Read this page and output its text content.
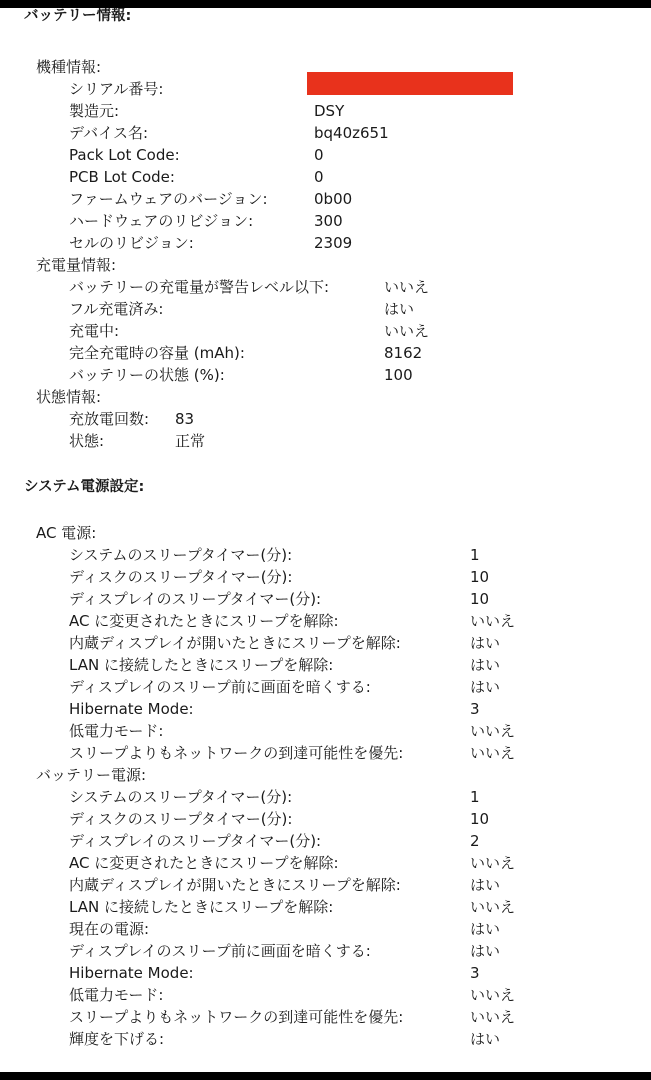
バッテリー情報:
機種情報:
シリアル番号:
製造元:	DSY
デバイス名:	bq40z651
Pack Lot Code:	0
PCB Lot Code:	0
ファームウェアのバージョン:	0b00
ハードウェアのリビジョン:	300
セルのリビジョン:	2309
充電量情報:
バッテリーの充電量が警告レベル以下:	いいえ
フル充電済み:	はい
充電中:	いいえ
完全充電時の容量 (mAh):	8162
バッテリーの状態 (%):	100
状態情報:
充放電回数: 83
状態:	正常
システム電源設定:
AC 電源:
システムのスリープタイマー(分):	1
ディスクのスリープタイマー(分):	10
ディスプレイのスリープタイマー(分):	10
AC に変更されたときにスリープを解除:	いいえ
内蔵ディスプレイが開いたときにスリープを解除:	はい
LAN に接続したときにスリープを解除:	はい
ディスプレイのスリープ前に画面を暗くする:	はい
Hibernate Mode:	3
低電力モード:	いいえ
スリープよりもネットワークの到達可能性を優先:	いいえ
バッテリー電源:
システムのスリープタイマー(分):	1
ディスクのスリープタイマー(分):	10
ディスプレイのスリープタイマー(分):	2
AC に変更されたときにスリープを解除:	いいえ
内蔵ディスプレイが開いたときにスリープを解除:	はい
LAN に接続したときにスリープを解除:	いいえ
現在の電源:	はい
ディスプレイのスリープ前に画面を暗くする:	はい
Hibernate Mode:	3
低電力モード:	いいえ
スリープよりもネットワークの到達可能性を優先:	いいえ
輝度を下げる:	はい
